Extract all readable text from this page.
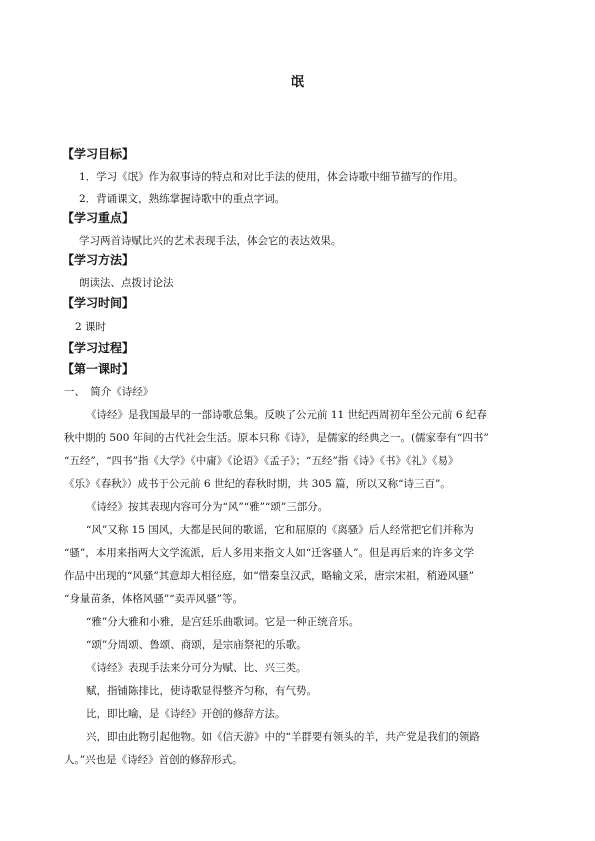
氓
【学习目标】
1．学习《氓》作为叙事诗的特点和对比手法的使用，体会诗歌中细节描写的作用。
2．背诵课文，熟练掌握诗歌中的重点字词。
【学习重点】
学习两首诗赋比兴的艺术表现手法，体会它的表达效果。
【学习方法】
朗读法、点拨讨论法
【学习时间】
2 课时
【学习过程】
【第一课时】
一、　简介《诗经》
《诗经》是我国最早的一部诗歌总集。反映了公元前 11 世纪西周初年至公元前 6 纪春
秋中期的 500 年间的古代社会生活。原本只称《诗》，是儒家的经典之一。(儒家奉有“四书”
“五经”，“四书”指《大学》《中庸》《论语》《孟子》；“五经”指《诗》《书》《礼》《易》
《乐》《春秋》）成书于公元前 6 世纪的春秋时期，共 305 篇，所以又称“诗三百”。
《诗经》按其表现内容可分为“风”“雅”“颂”三部分。
“风”又称 15 国风，大都是民间的歌谣，它和屈原的《离骚》后人经常把它们并称为
“骚”，本用来指两大文学流派，后人多用来指文人如“迁客骚人”。但是再后来的许多文学
作品中出现的“风骚”其意却大相径庭，如“惜秦皇汉武，略输文采，唐宗宋祖，稍逊风骚”
“身量苗条，体格风骚”“卖弄风骚”等。
“雅”分大雅和小雅，是宫廷乐曲歌词。它是一种正统音乐。
“颂”分周颂、鲁颂、商颂，是宗庙祭祀的乐歌。
《诗经》表现手法来分可分为赋、比、兴三类。
赋，指铺陈排比，使诗歌显得整齐匀称，有气势。
比，即比喻，是《诗经》开创的修辞方法。
兴，即由此物引起他物。如《信天游》中的“羊群要有领头的羊，共产党是我们的领路
人。”兴也是《诗经》首创的修辞形式。
